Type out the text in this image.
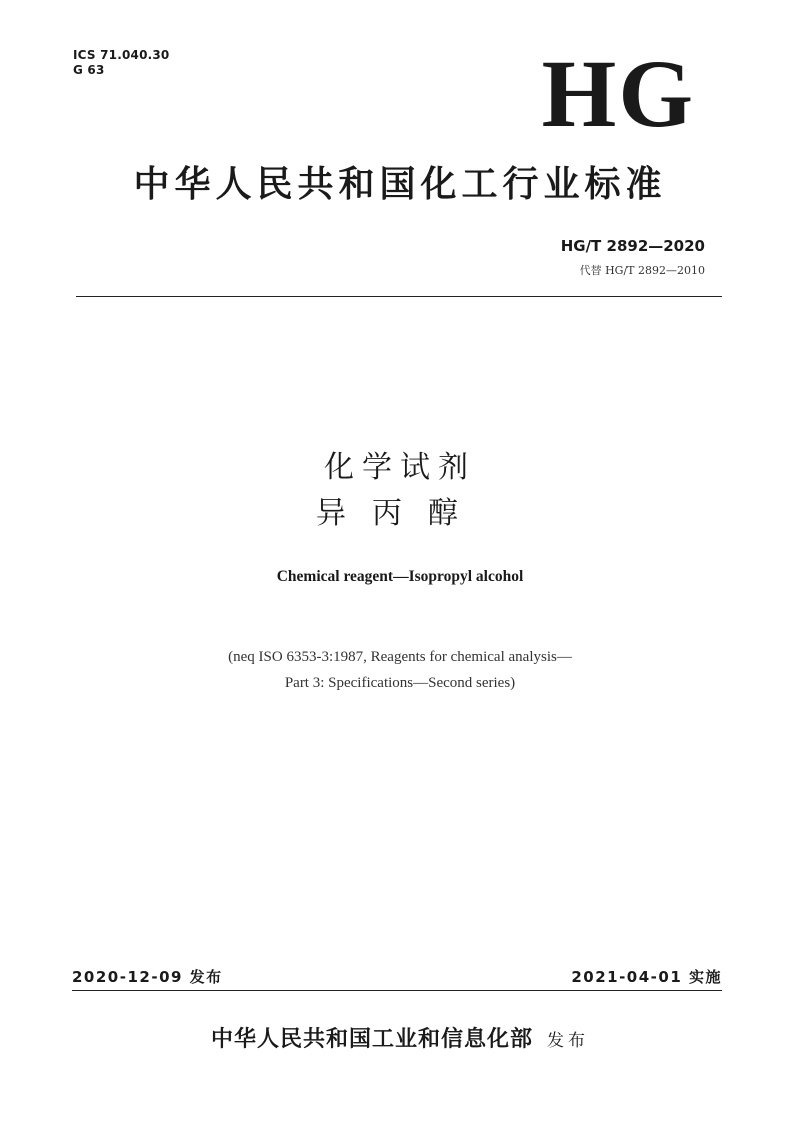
ICS 71.040.30
G 63	HG
中华人民共和国化工行业标准
HG/T 2892—2020
代替 HG/T 2892—2010
化学试剂
异丙醇
Chemical reagent—Isopropyl alcohol
(neq ISO 6353-3:1987, Reagents for chemical analysis—
Part 3: Specifications—Second series)
2020-12-09 发布	2021-04-01 实施
中华人民共和国工业和信息化部 发布
